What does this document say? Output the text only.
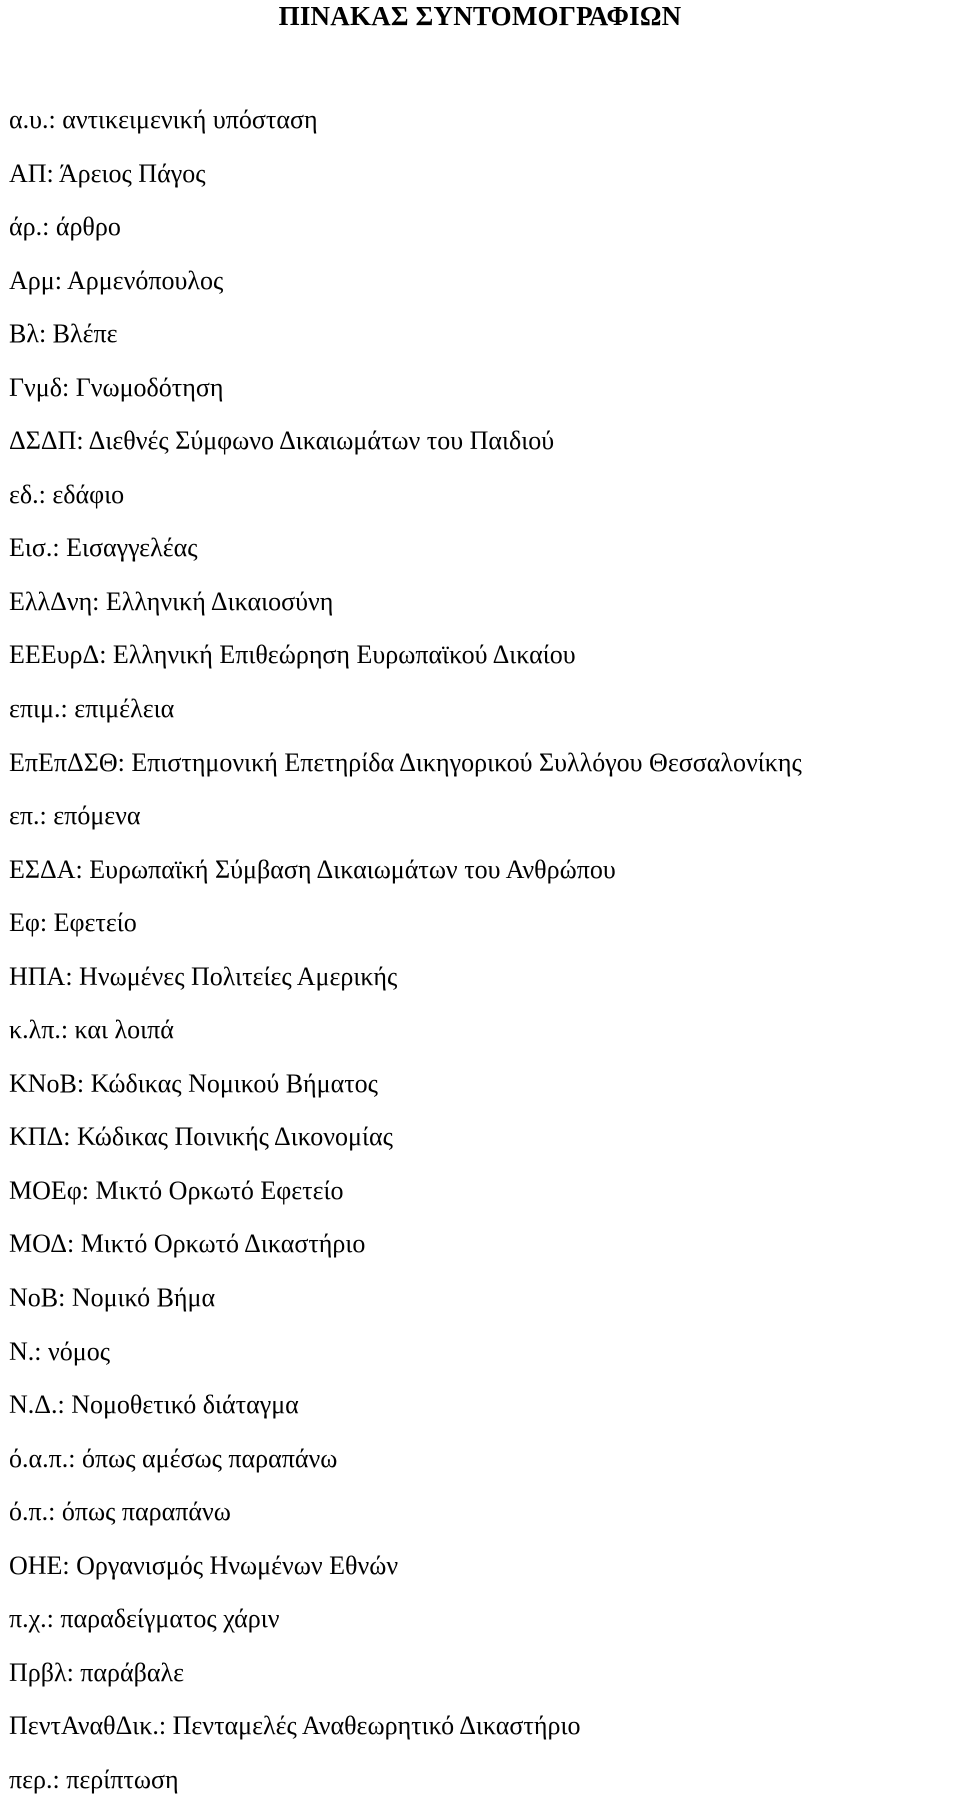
ΠΙΝΑΚΑΣ ΣΥΝΤΟΜΟΓΡΑΦΙΩΝ
α.υ.: αντικειμενική υπόσταση
ΑΠ: Άρειος Πάγος
άρ.: άρθρο
Αρμ: Αρμενόπουλος
Βλ: Βλέπε
Γνμδ: Γνωμοδότηση
ΔΣΔΠ: Διεθνές Σύμφωνο Δικαιωμάτων του Παιδιού
εδ.: εδάφιο
Εισ.: Εισαγγελέας
ΕλλΔνη: Ελληνική Δικαιοσύνη
ΕΕΕυρΔ: Ελληνική Επιθεώρηση Ευρωπαϊκού Δικαίου
επιμ.: επιμέλεια
ΕπΕπΔΣΘ: Επιστημονική Επετηρίδα Δικηγορικού Συλλόγου Θεσσαλονίκης
επ.: επόμενα
ΕΣΔΑ: Ευρωπαϊκή Σύμβαση Δικαιωμάτων του Ανθρώπου
Εφ: Εφετείο
ΗΠΑ: Ηνωμένες Πολιτείες Αμερικής
κ.λπ.: και λοιπά
ΚΝοΒ: Κώδικας Νομικού Βήματος
ΚΠΔ: Κώδικας Ποινικής Δικονομίας
ΜΟΕφ: Μικτό Ορκωτό Εφετείο
ΜΟΔ: Μικτό Ορκωτό Δικαστήριο
ΝοΒ: Νομικό Βήμα
Ν.: νόμος
Ν.Δ.: Νομοθετικό διάταγμα
ό.α.π.: όπως αμέσως παραπάνω
ό.π.: όπως παραπάνω
ΟΗΕ: Οργανισμός Ηνωμένων Εθνών
π.χ.: παραδείγματος χάριν
Πρβλ: παράβαλε
ΠεντΑναθΔικ.: Πενταμελές Αναθεωρητικό Δικαστήριο
περ.: περίπτωση
